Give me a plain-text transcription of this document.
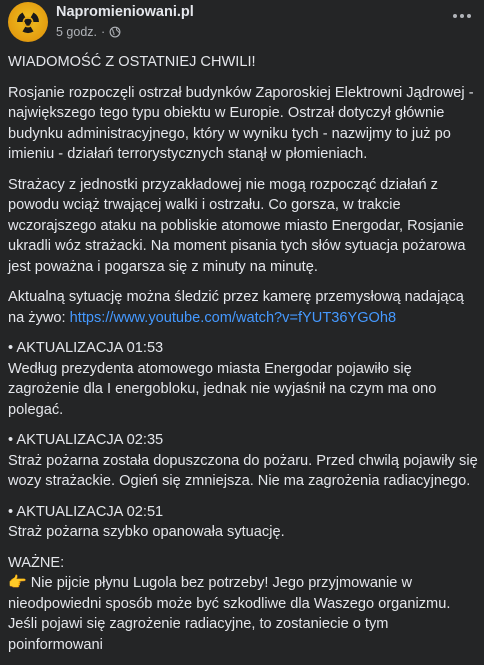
Napromieniowani.pl
5 godz. ·

WIADOMOŚĆ Z OSTATNIEJ CHWILI!

Rosjanie rozpoczęli ostrzał budynków Zaporoskiej Elektrowni Jądrowej - największego tego typu obiektu w Europie. Ostrzał dotyczył głównie budynku administracyjnego, który w wyniku tych - nazwijmy to już po imieniu - działań terrorystycznych stanął w płomieniach.

Strażacy z jednostki przyzakładowej nie mogą rozpocząć działań z powodu wciąż trwającej walki i ostrzału. Co gorsza, w trakcie wczorajszego ataku na pobliskie atomowe miasto Energodar, Rosjanie ukradli wóz strażacki. Na moment pisania tych słów sytuacja pożarowa jest poważna i pogarsza się z minuty na minutę.

Aktualną sytuację można śledzić przez kamerę przemysłową nadającą na żywo: https://www.youtube.com/watch?v=fYUT36YGOh8

• AKTUALIZACJA 01:53
Według prezydenta atomowego miasta Energodar pojawiło się zagrożenie dla I energobloku, jednak nie wyjaśnił na czym ma ono polegać.

• AKTUALIZACJA 02:35
Straż pożarna została dopuszczona do pożaru. Przed chwilą pojawiły się wozy strażackie. Ogień się zmniejsza. Nie ma zagrożenia radiacyjnego.

• AKTUALIZACJA 02:51
Straż pożarna szybko opanowała sytuację.

WAŻNE:
👉 Nie pijcie płynu Lugola bez potrzeby! Jego przyjmowanie w nieodpowiedni sposób może być szkodliwe dla Waszego organizmu. Jeśli pojawi się zagrożenie radiacyjne, to zostaniecie o tym poinformowani
